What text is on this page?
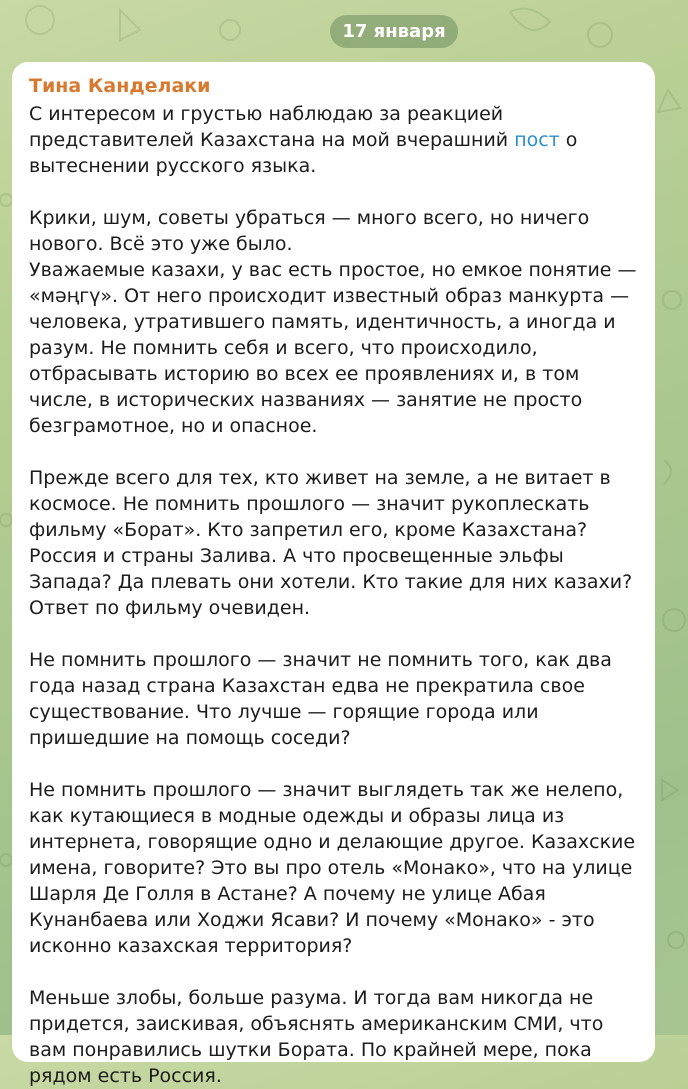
17 января
Тина Канделаки

С интересом и грустью наблюдаю за реакцией представителей Казахстана на мой вчерашний пост о вытеснении русского языка.

Крики, шум, советы убраться — много всего, но ничего нового. Всё это уже было.

Уважаемые казахи, у вас есть простое, но емкое понятие — «мәңгү». От него происходит известный образ манкурта — человека, утратившего память, идентичность, а иногда и разум. Не помнить себя и всего, что происходило, отбрасывать историю во всех ее проявлениях и, в том числе, в исторических названиях — занятие не просто безграмотное, но и опасное.

Прежде всего для тех, кто живет на земле, а не витает в космосе. Не помнить прошлого — значит рукоплескать фильму «Борат». Кто запретил его, кроме Казахстана? Россия и страны Залива. А что просвещенные эльфы Запада? Да плевать они хотели. Кто такие для них казахи? Ответ по фильму очевиден.

Не помнить прошлого — значит не помнить того, как два года назад страна Казахстан едва не прекратила свое существование. Что лучше — горящие города или пришедшие на помощь соседи?

Не помнить прошлого — значит выглядеть так же нелепо, как кутающиеся в модные одежды и образы лица из интернета, говорящие одно и делающие другое. Казахские имена, говорите? Это вы про отель «Монако», что на улице Шарля Де Голля в Астане? А почему не улице Абая Кунанбаева или Ходжи Ясави? И почему «Монако» - это исконно казахская территория?

Меньше злобы, больше разума. И тогда вам никогда не придется, заискивая, объяснять американским СМИ, что вам понравились шутки Бората. По крайней мере, пока рядом есть Россия.
